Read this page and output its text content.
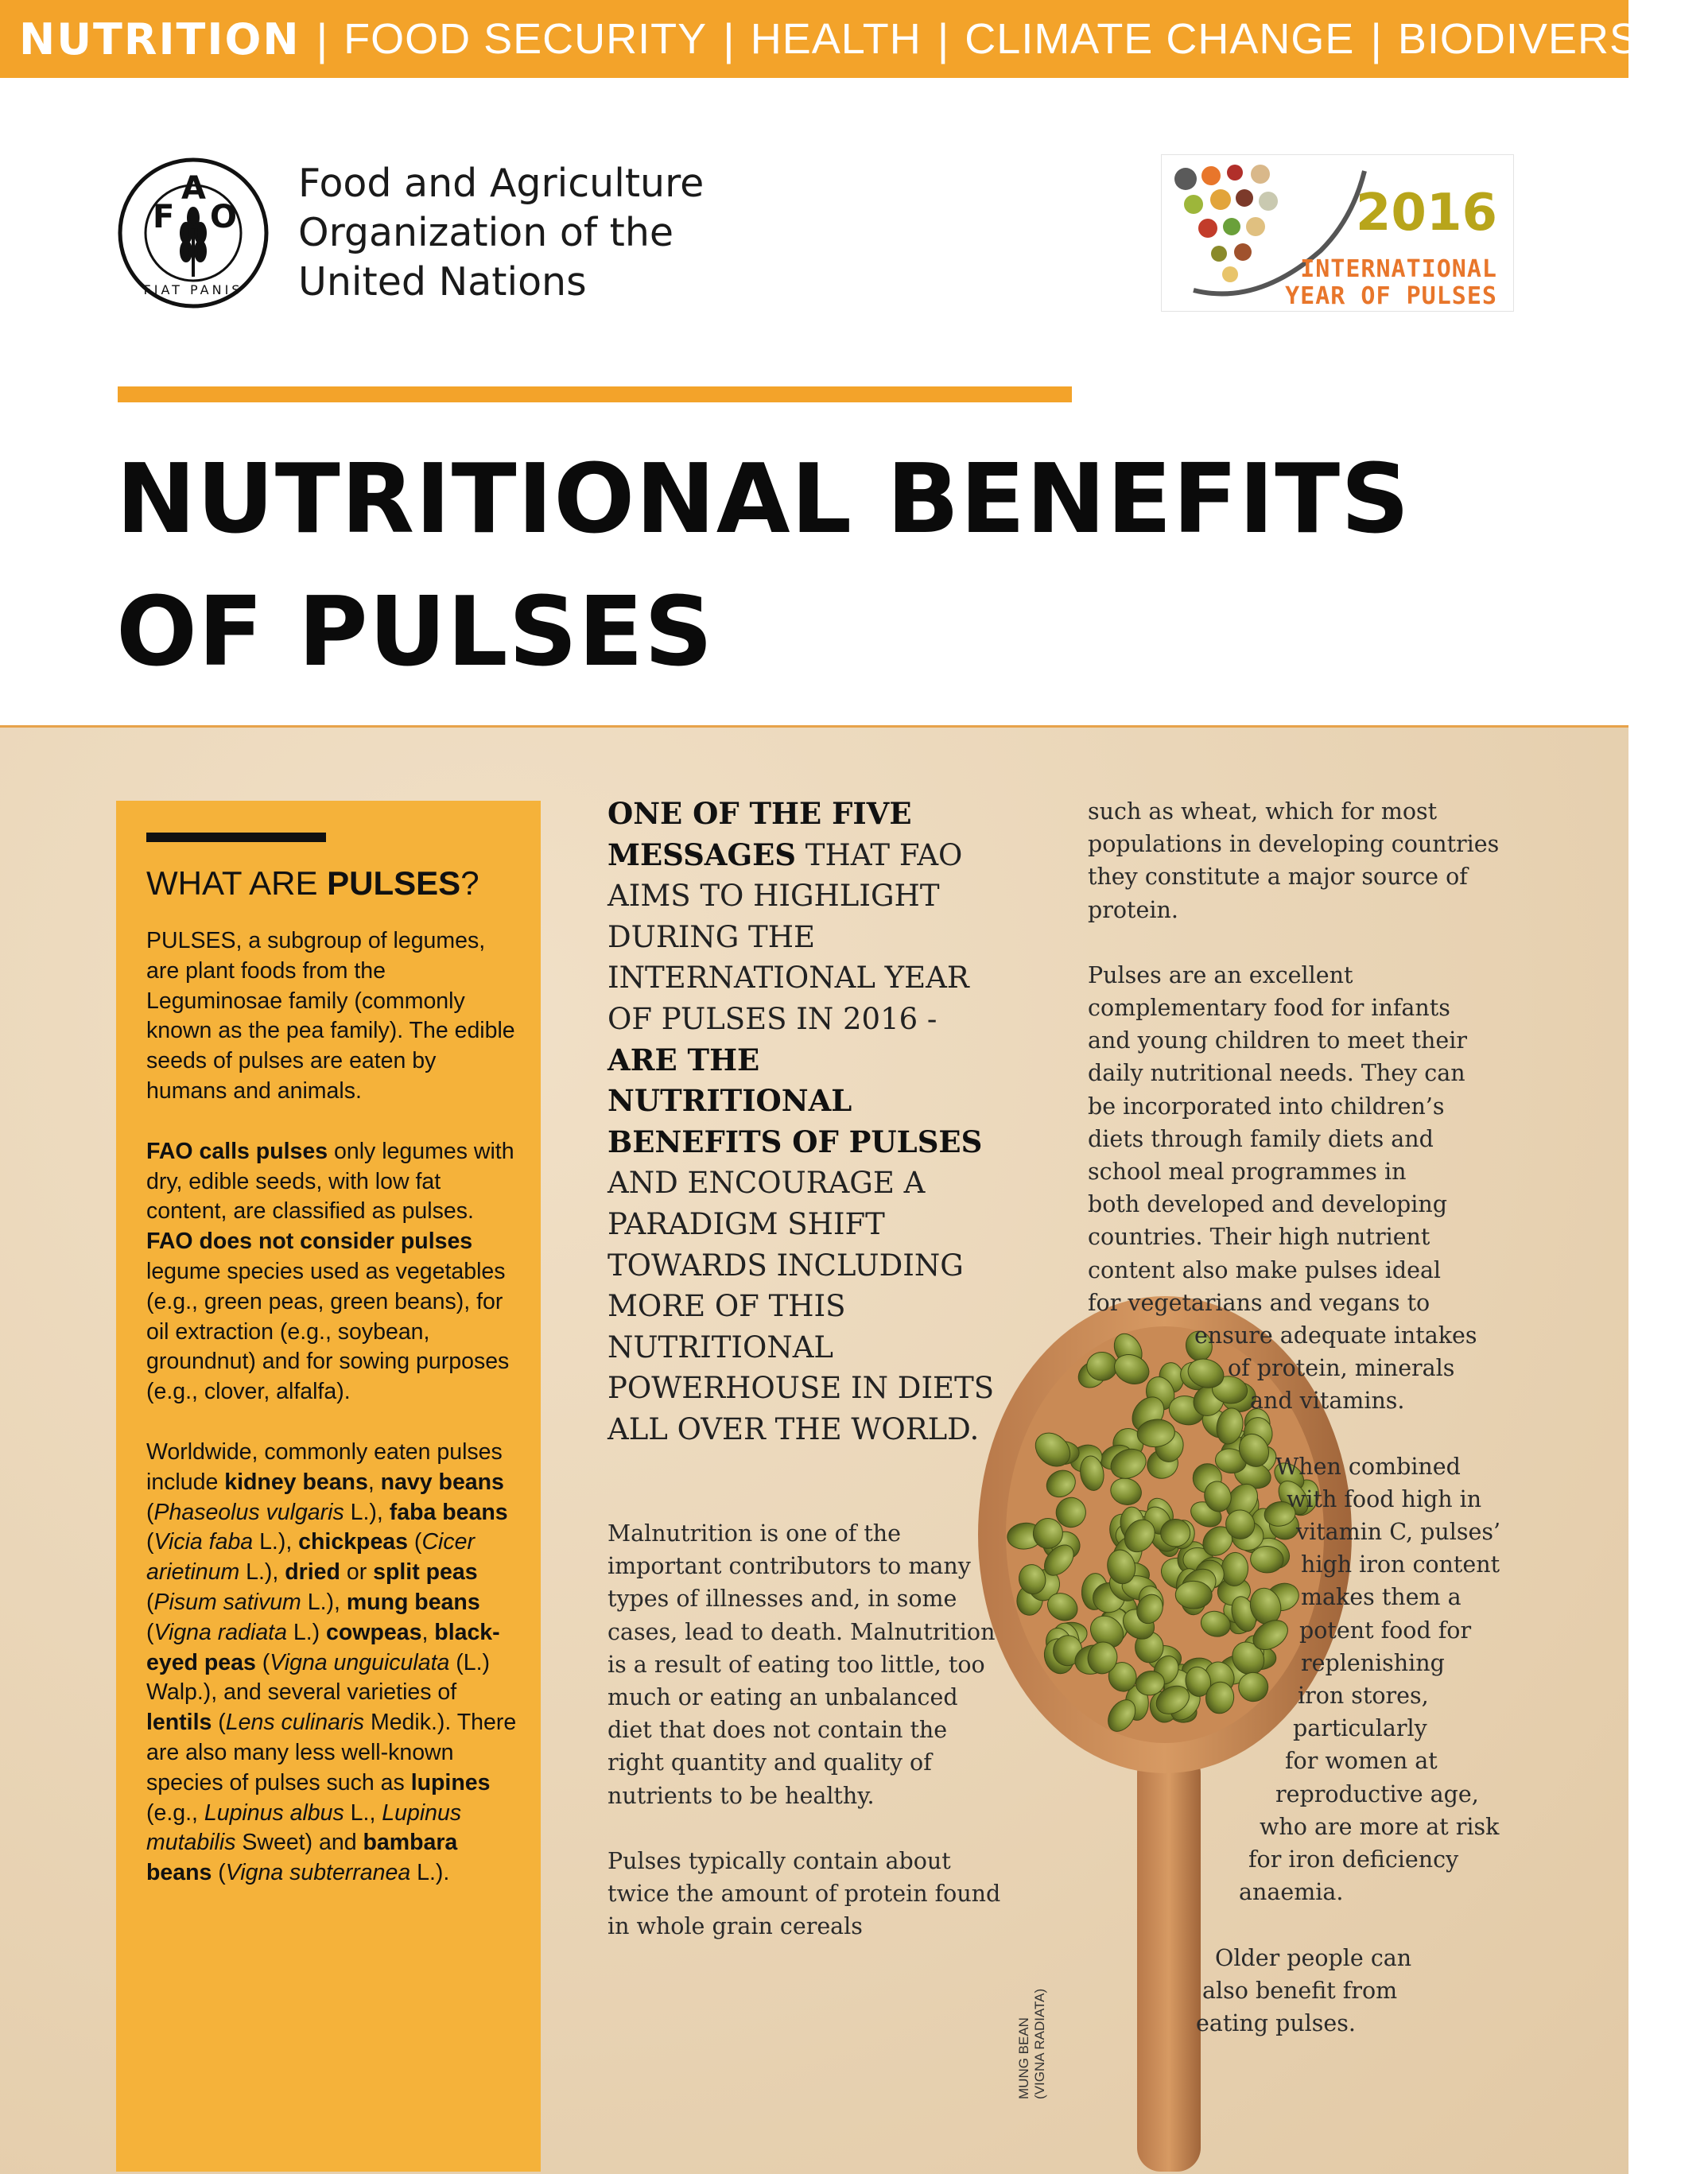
NUTRITION | FOOD SECURITY | HEALTH | CLIMATE CHANGE | BIODIVERSITY
F
A
O
FIAT PANIS
Food and Agriculture
Organization of the
United Nations
2016
INTERNATIONAL
YEAR OF PULSES
NUTRITIONAL BENEFITS
OF PULSES
WHAT ARE PULSES?

PULSES, a subgroup of legumes, are plant foods from the Leguminosae family (commonly known as the pea family). The edible seeds of pulses are eaten by humans and animals.

FAO calls pulses only legumes with dry, edible seeds, with low fat content, are classified as pulses. FAO does not consider pulses legume species used as vegetables (e.g., green peas, green beans), for oil extraction (e.g., soybean, groundnut) and for sowing purposes (e.g., clover, alfalfa).

Worldwide, commonly eaten pulses include kidney beans, navy beans (Phaseolus vulgaris L.), faba beans (Vicia faba L.), chickpeas (Cicer arietinum L.), dried or split peas (Pisum sativum L.), mung beans (Vigna radiata L.) cowpeas, black-eyed peas (Vigna unguiculata (L.) Walp.), and several varieties of lentils (Lens culinaris Medik.). There are also many less well-known species of pulses such as lupines (e.g., Lupinus albus L., Lupinus mutabilis Sweet) and bambara beans (Vigna subterranea L.).

ONE OF THE FIVE MESSAGES THAT FAO AIMS TO HIGHLIGHT DURING THE INTERNATIONAL YEAR OF PULSES IN 2016 - ARE THE NUTRITIONAL BENEFITS OF PULSES AND ENCOURAGE A PARADIGM SHIFT TOWARDS INCLUDING MORE OF THIS NUTRITIONAL POWERHOUSE IN DIETS ALL OVER THE WORLD.

Malnutrition is one of the important contributors to many types of illnesses and, in some cases, lead to death. Malnutrition is a result of eating too little, too much or eating an unbalanced diet that does not contain the right quantity and quality of nutrients to be healthy.

Pulses typically contain about twice the amount of protein found in whole grain cereals

such as wheat, which for most populations in developing countries they constitute a major source of protein.

Pulses are an excellent
complementary food for infants
and young children to meet their
daily nutritional needs. They can
be incorporated into children’s
diets through family diets and
school meal programmes in
both developed and developing
countries. Their high nutrient
content also make pulses ideal
for vegetarians and vegans to
ensure adequate intakes
of protein, minerals
and vitamins.

When combined
with food high in
vitamin C, pulses’
high iron content
makes them a
potent food for
replenishing
iron stores,
particularly
for women at
reproductive age,
who are more at risk
for iron deficiency
anaemia.

Older people can
also benefit from
eating pulses.

MUNG BEAN (VIGNA RADIATA)
